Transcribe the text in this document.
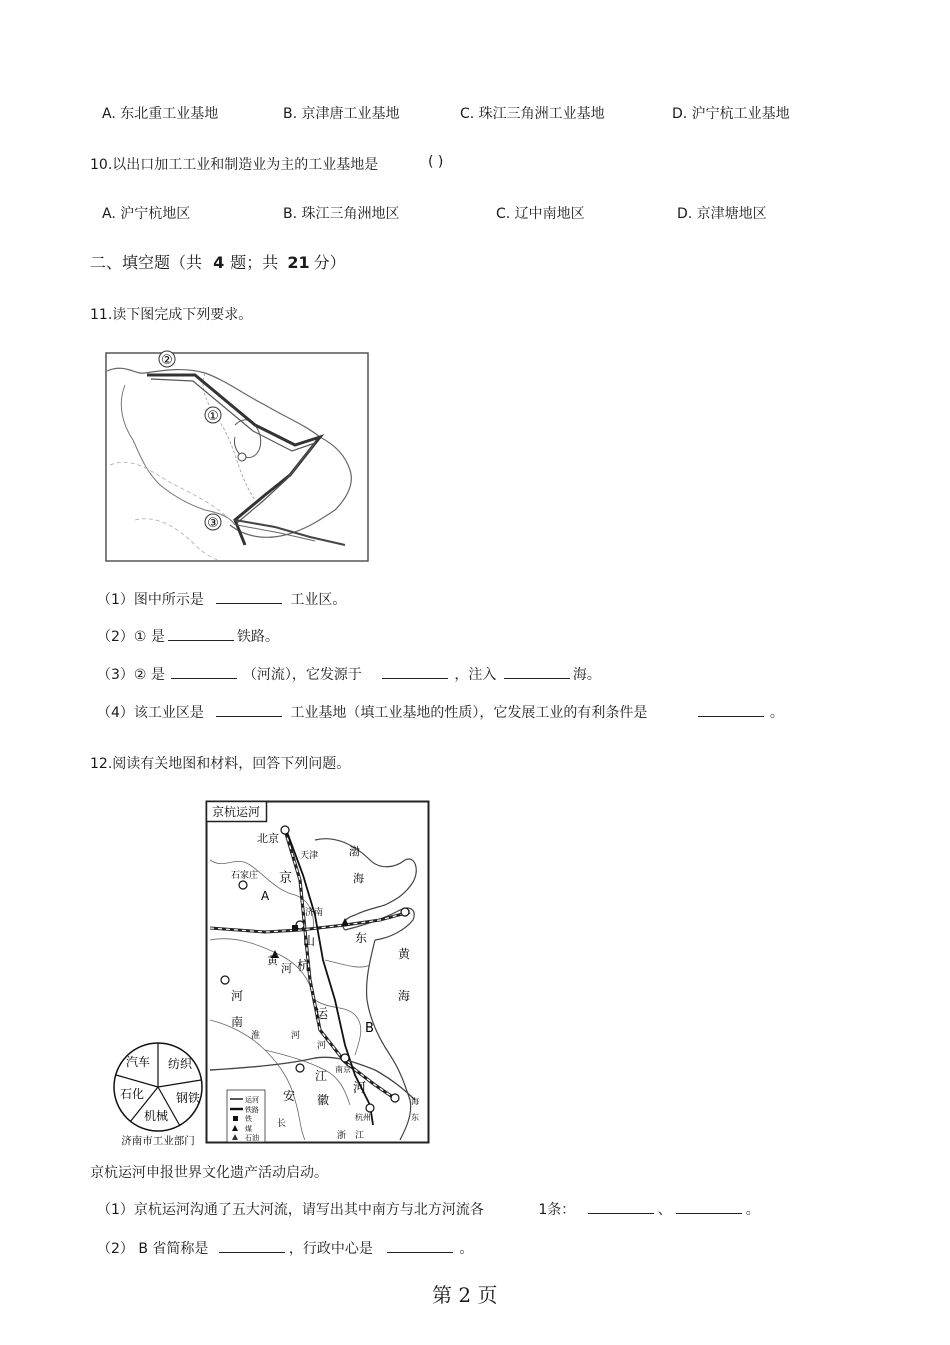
A. 东北重工业基地	B. 京津唐工业基地	C. 珠江三角洲工业基地	D. 沪宁杭工业基地
10.以出口加工工业和制造业为主的工业基地是	( )
A. 沪宁杭地区	B. 珠江三角洲地区	C. 辽中南地区	D. 京津塘地区
二、填空题（共 4 题；共 21 分）
11.读下图完成下列要求。
②
①
③
（1）图中所示是	工业区。
（2）① 是	铁路。
（3）② 是	（河流），它发源于	，注入	海。
（4）该工业区是	工业基地（填工业基地的性质），它发展工业的有利条件是	。
12.阅读有关地图和材料，回答下列问题。
京杭运河
北京
天津
石家庄
A
京
济南
山	东
渤
海
黄
海
黄
河 杭
运
河
B
河
南
淮	河
安
江
徽
长
南京
杭州
河
浙 江
东
海
运河
铁路
铁
煤
石油
汽车 纺织
钢铁
机械
石化
济南市工业部门
京杭运河申报世界文化遗产活动启动。
（1）京杭运河沟通了五大河流，请写出其中南方与北方河流各	1条：	、	。
（2） B 省简称是	，行政中心是	。
第 2 页
